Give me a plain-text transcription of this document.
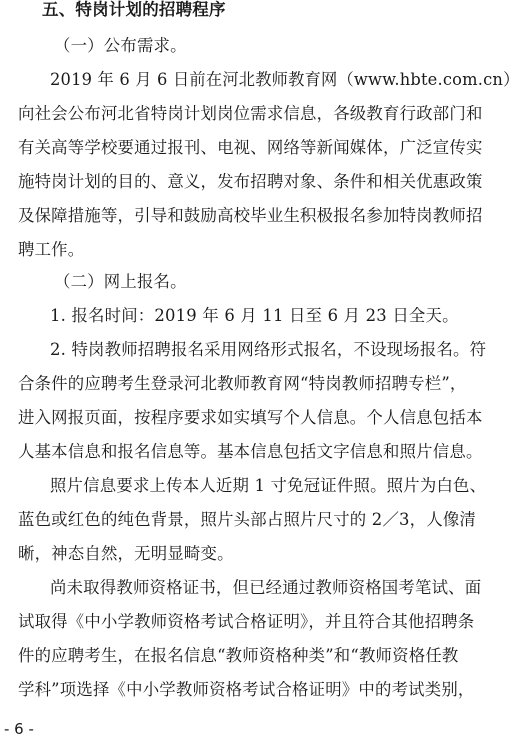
五、特岗计划的招聘程序
（一）公布需求。
2019 年 6 月 6 日前在河北教师教育网（www.hbte.com.cn）
向社会公布河北省特岗计划岗位需求信息，各级教育行政部门和
有关高等学校要通过报刊、电视、网络等新闻媒体，广泛宣传实
施特岗计划的目的、意义，发布招聘对象、条件和相关优惠政策
及保障措施等，引导和鼓励高校毕业生积极报名参加特岗教师招
聘工作。
（二）网上报名。
1. 报名时间：2019 年 6 月 11 日至 6 月 23 日全天。
2. 特岗教师招聘报名采用网络形式报名，不设现场报名。符
合条件的应聘考生登录河北教师教育网“特岗教师招聘专栏”，
进入网报页面，按程序要求如实填写个人信息。个人信息包括本
人基本信息和报名信息等。基本信息包括文字信息和照片信息。
照片信息要求上传本人近期 1 寸免冠证件照。照片为白色、
蓝色或红色的纯色背景，照片头部占照片尺寸的 2／3，人像清
晰，神态自然，无明显畸变。
尚未取得教师资格证书，但已经通过教师资格国考笔试、面
试取得《中小学教师资格考试合格证明》，并且符合其他招聘条
件的应聘考生，在报名信息“教师资格种类”和“教师资格任教
学科”项选择《中小学教师资格考试合格证明》中的考试类别，
- 6 -
